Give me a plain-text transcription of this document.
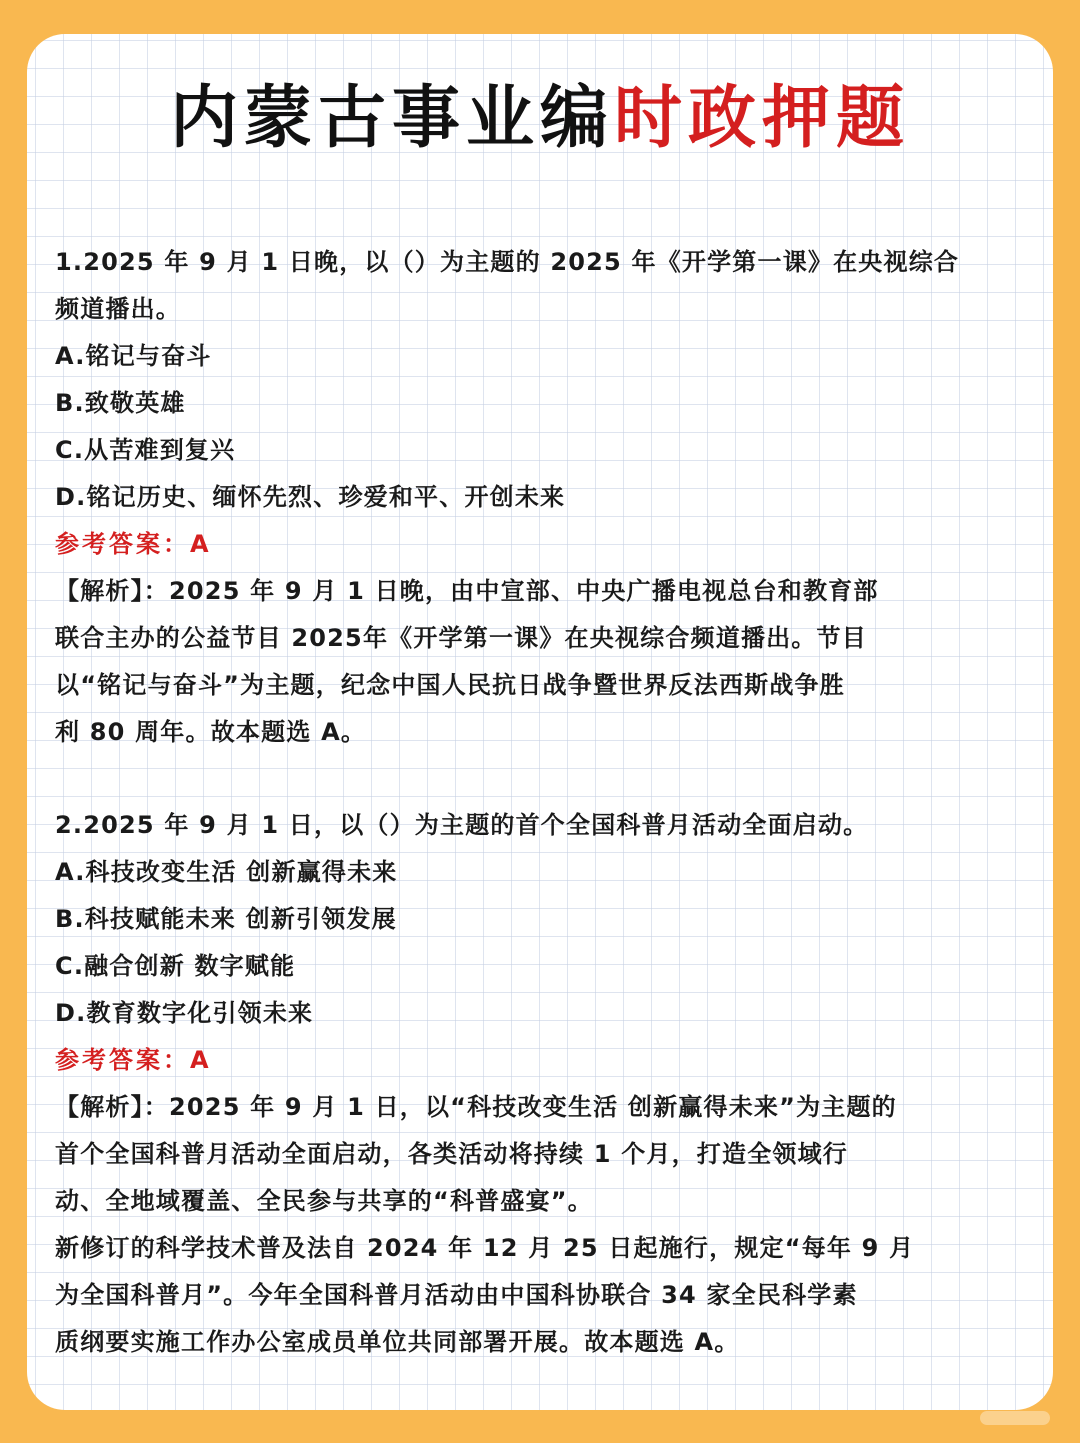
内蒙古事业编时政押题
1.2025 年 9 月 1 日晚，以（）为主题的 2025 年《开学第一课》在央视综合
频道播出。
A.铭记与奋斗
B.致敬英雄
C.从苦难到复兴
D.铭记历史、缅怀先烈、珍爱和平、开创未来
参考答案：A
【解析】：2025 年 9 月 1 日晚，由中宣部、中央广播电视总台和教育部
联合主办的公益节目 2025年《开学第一课》在央视综合频道播出。节目
以“铭记与奋斗”为主题，纪念中国人民抗日战争暨世界反法西斯战争胜
利 80 周年。故本题选 A。
2.2025 年 9 月 1 日，以（）为主题的首个全国科普月活动全面启动。
A.科技改变生活 创新赢得未来
B.科技赋能未来 创新引领发展
C.融合创新 数字赋能
D.教育数字化引领未来
参考答案：A
【解析】：2025 年 9 月 1 日，以“科技改变生活 创新赢得未来”为主题的
首个全国科普月活动全面启动，各类活动将持续 1 个月，打造全领域行
动、全地域覆盖、全民参与共享的“科普盛宴”。
新修订的科学技术普及法自 2024 年 12 月 25 日起施行，规定“每年 9 月
为全国科普月”。今年全国科普月活动由中国科协联合 34 家全民科学素
质纲要实施工作办公室成员单位共同部署开展。故本题选 A。
